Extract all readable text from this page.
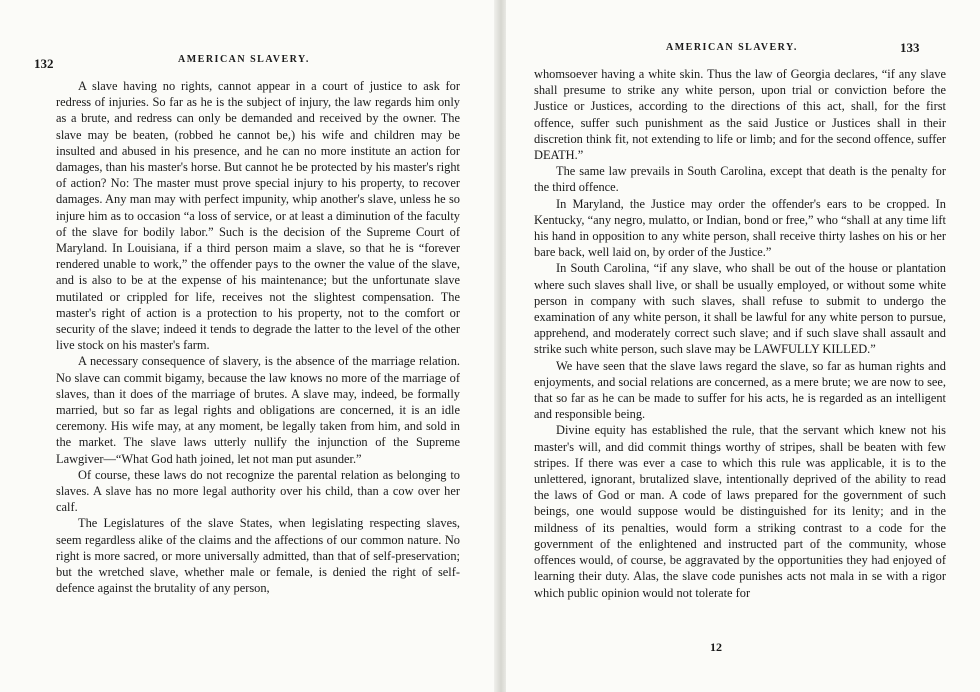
132	AMERICAN SLAVERY.

A slave having no rights, cannot appear in a court of justice to ask for redress of injuries. So far as he is the subject of injury, the law regards him only as a brute, and redress can only be demanded and received by the owner. The slave may be beaten, (robbed he cannot be,) his wife and children may be insulted and abused in his presence, and he can no more institute an action for damages, than his master's horse. But cannot he be protected by his master's right of action? No: The master must prove special injury to his property, to recover damages. Any man may with perfect impunity, whip another's slave, unless he so injure him as to occasion “a loss of service, or at least a diminution of the faculty of the slave for bodily labor.” Such is the decision of the Supreme Court of Maryland. In Louisiana, if a third person maim a slave, so that he is “forever rendered unable to work,” the offender pays to the owner the value of the slave, and is also to be at the expense of his maintenance; but the unfortunate slave mutilated or crippled for life, receives not the slightest compensation. The master's right of action is a protection to his property, not to the comfort or security of the slave; indeed it tends to degrade the latter to the level of the other live stock on his master's farm.

A necessary consequence of slavery, is the absence of the marriage relation. No slave can commit bigamy, because the law knows no more of the marriage of slaves, than it does of the marriage of brutes. A slave may, indeed, be formally married, but so far as legal rights and obligations are concerned, it is an idle ceremony. His wife may, at any moment, be legally taken from him, and sold in the market. The slave laws utterly nullify the injunction of the Supreme Lawgiver—“What God hath joined, let not man put asunder.”

Of course, these laws do not recognize the parental relation as belonging to slaves. A slave has no more legal authority over his child, than a cow over her calf.

The Legislatures of the slave States, when legislating respecting slaves, seem regardless alike of the claims and the affections of our common nature. No right is more sacred, or more universally admitted, than that of self-preservation; but the wretched slave, whether male or female, is denied the right of self-defence against the brutality of any person,

AMERICAN SLAVERY.	133

whomsoever having a white skin. Thus the law of Georgia declares, “if any slave shall presume to strike any white person, upon trial or conviction before the Justice or Justices, according to the directions of this act, shall, for the first offence, suffer such punishment as the said Justice or Justices shall in their discretion think fit, not extending to life or limb; and for the second offence, suffer DEATH.”

The same law prevails in South Carolina, except that death is the penalty for the third offence.

In Maryland, the Justice may order the offender's ears to be cropped. In Kentucky, “any negro, mulatto, or Indian, bond or free,” who “shall at any time lift his hand in opposition to any white person, shall receive thirty lashes on his or her bare back, well laid on, by order of the Justice.”

In South Carolina, “if any slave, who shall be out of the house or plantation where such slaves shall live, or shall be usually employed, or without some white person in company with such slaves, shall refuse to submit to undergo the examination of any white person, it shall be lawful for any white person to pursue, apprehend, and moderately correct such slave; and if such slave shall assault and strike such white person, such slave may be LAWFULLY KILLED.”

We have seen that the slave laws regard the slave, so far as human rights and enjoyments, and social relations are concerned, as a mere brute; we are now to see, that so far as he can be made to suffer for his acts, he is regarded as an intelligent and responsible being.

Divine equity has established the rule, that the servant which knew not his master's will, and did commit things worthy of stripes, shall be beaten with few stripes. If there was ever a case to which this rule was applicable, it is to the unlettered, ignorant, brutalized slave, intentionally deprived of the ability to read the laws of God or man. A code of laws prepared for the government of such beings, one would suppose would be distinguished for its lenity; and in the mildness of its penalties, would form a striking contrast to a code for the government of the enlightened and instructed part of the community, whose offences would, of course, be aggravated by the opportunities they had enjoyed of learning their duty. Alas, the slave code punishes acts not mala in se with a rigor which public opinion would not tolerate for

12
